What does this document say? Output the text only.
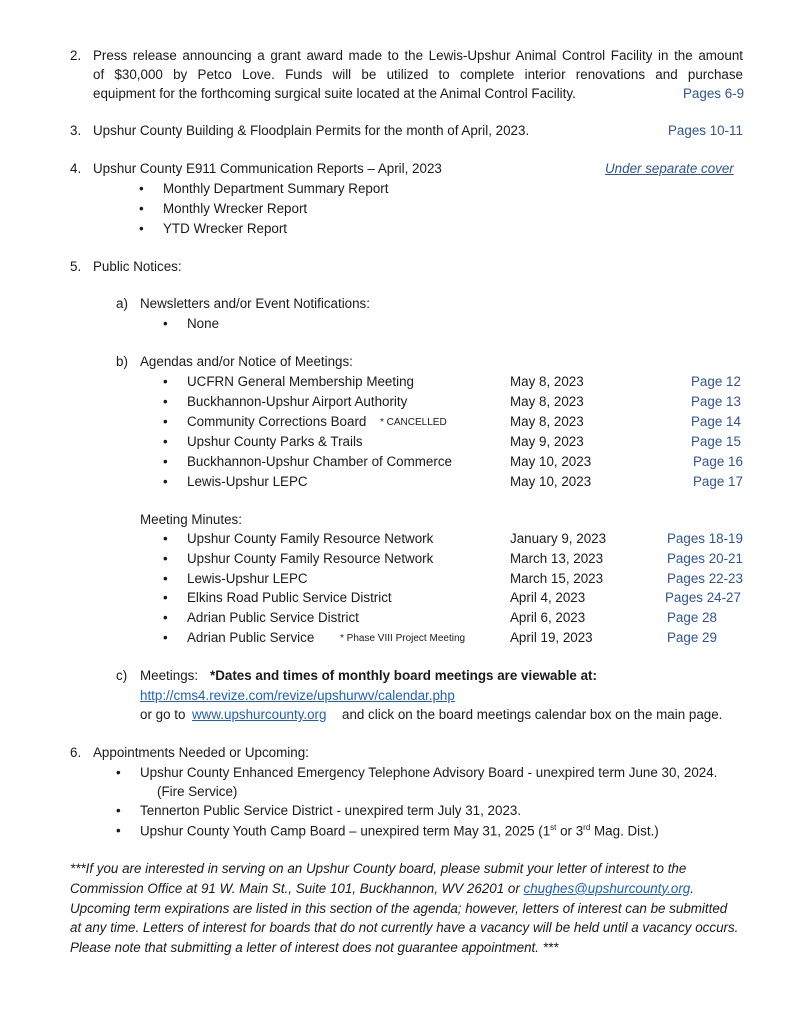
2. Press release announcing a grant award made to the Lewis-Upshur Animal Control Facility in the amount
of $30,000 by Petco Love. Funds will be utilized to complete interior renovations and purchase
equipment for the forthcoming surgical suite located at the Animal Control Facility.	Pages 6-9
3. Upshur County Building & Floodplain Permits for the month of April, 2023.	Pages 10-11
4. Upshur County E911 Communication Reports – April, 2023	Under separate cover
• Monthly Department Summary Report
• Monthly Wrecker Report
• YTD Wrecker Report
5. Public Notices:
a) Newsletters and/or Event Notifications:
• None
b) Agendas and/or Notice of Meetings:
• UCFRN General Membership Meeting	May 8, 2023	Page 12
• Buckhannon-Upshur Airport Authority	May 8, 2023	Page 13
• Community Corrections Board * CANCELLED	May 8, 2023	Page 14
• Upshur County Parks & Trails	May 9, 2023	Page 15
• Buckhannon-Upshur Chamber of Commerce	May 10, 2023	Page 16
• Lewis-Upshur LEPC	May 10, 2023	Page 17
Meeting Minutes:
• Upshur County Family Resource Network	January 9, 2023	Pages 18-19
• Upshur County Family Resource Network	March 13, 2023	Pages 20-21
• Lewis-Upshur LEPC	March 15, 2023	Pages 22-23
• Elkins Road Public Service District	April 4, 2023	Pages 24-27
• Adrian Public Service District	April 6, 2023	Page 28
• Adrian Public Service	* Phase VIII Project Meeting	April 19, 2023	Page 29
c) Meetings: *Dates and times of monthly board meetings are viewable at:
http://cms4.revize.com/revize/upshurwv/calendar.php
or go to www.upshurcounty.org and click on the board meetings calendar box on the main page.
6. Appointments Needed or Upcoming:
• Upshur County Enhanced Emergency Telephone Advisory Board - unexpired term June 30, 2024.
(Fire Service)
• Tennerton Public Service District - unexpired term July 31, 2023.
• Upshur County Youth Camp Board – unexpired term May 31, 2025 (1st or 3rd Mag. Dist.)
***If you are interested in serving on an Upshur County board, please submit your letter of interest to the Commission Office at 91 W. Main St., Suite 101, Buckhannon, WV 26201 or chughes@upshurcounty.org. Upcoming term expirations are listed in this section of the agenda; however, letters of interest can be submitted at any time. Letters of interest for boards that do not currently have a vacancy will be held until a vacancy occurs. Please note that submitting a letter of interest does not guarantee appointment. ***
